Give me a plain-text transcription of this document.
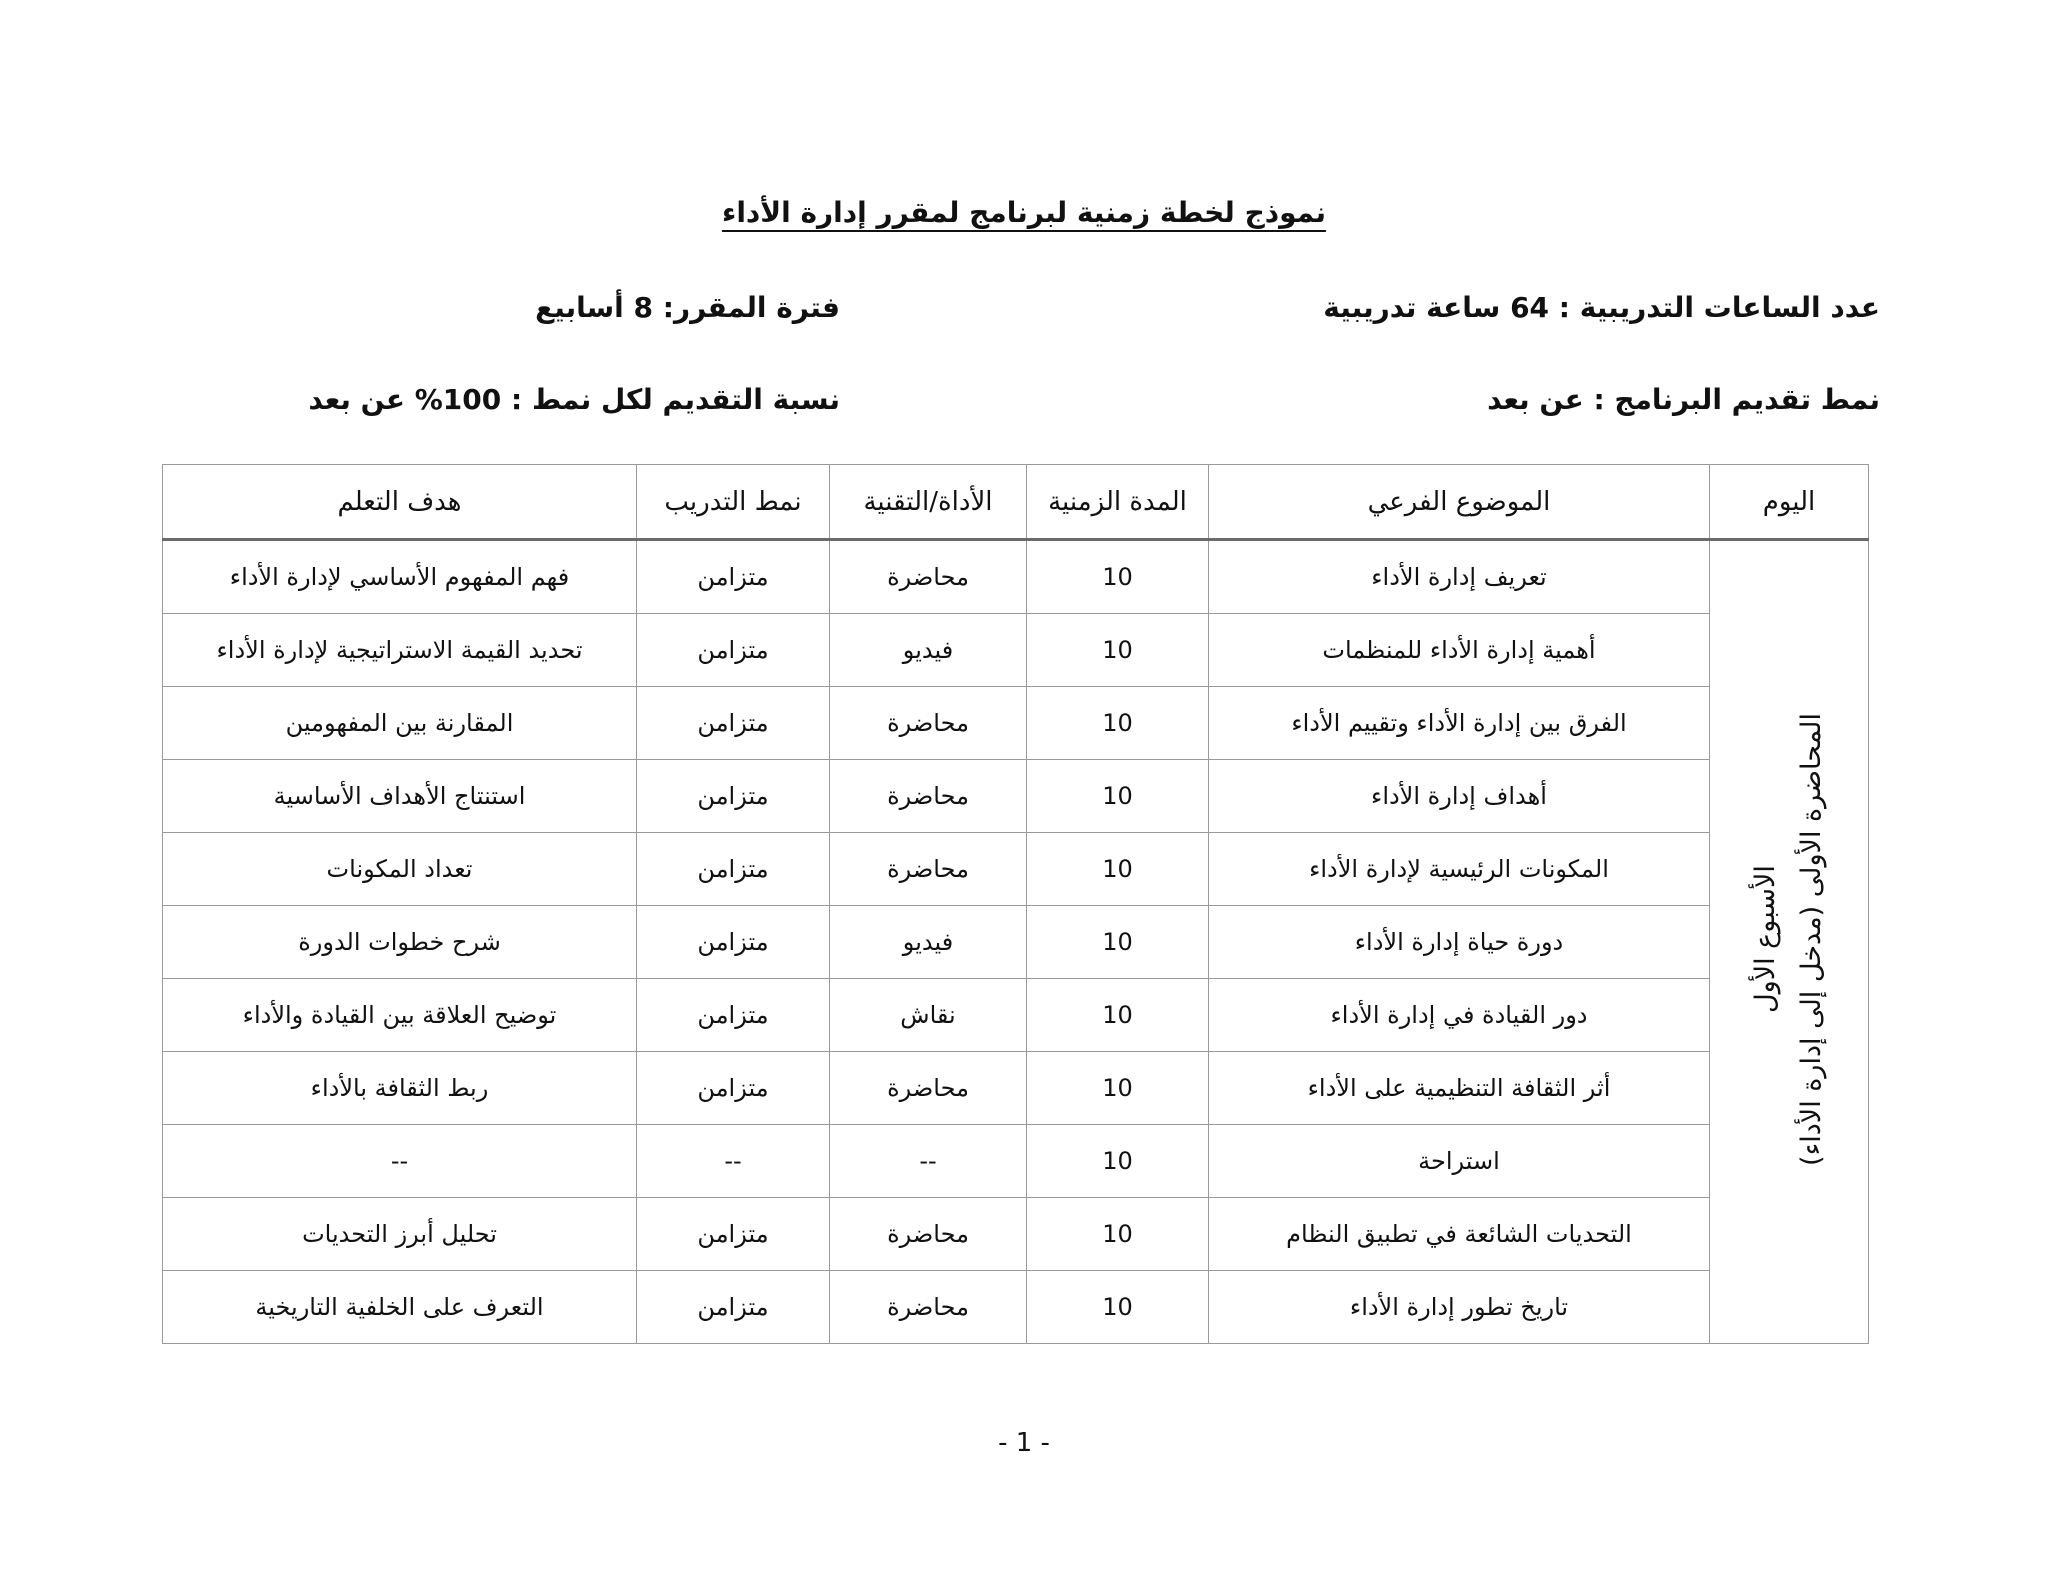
نموذج لخطة زمنية لبرنامج لمقرر إدارة الأداء
عدد الساعات التدريبية : 64 ساعة تدريبية
فترة المقرر: 8 أسابيع
نمط تقديم البرنامج : عن بعد
نسبة التقديم لكل نمط : 100% عن بعد
اليوم	الموضوع الفرعي	المدة الزمنية	الأداة/التقنية	نمط التدريب	هدف التعلم

الأسبوع الأول المحاضرة الأولى (مدخل إلى إدارة الأداء)	تعريف إدارة الأداء	10	محاضرة	متزامن	فهم المفهوم الأساسي لإدارة الأداء
	أهمية إدارة الأداء للمنظمات	10	فيديو	متزامن	تحديد القيمة الاستراتيجية لإدارة الأداء
	الفرق بين إدارة الأداء وتقييم الأداء	10	محاضرة	متزامن	المقارنة بين المفهومين
	أهداف إدارة الأداء	10	محاضرة	متزامن	استنتاج الأهداف الأساسية
	المكونات الرئيسية لإدارة الأداء	10	محاضرة	متزامن	تعداد المكونات
	دورة حياة إدارة الأداء	10	فيديو	متزامن	شرح خطوات الدورة
	دور القيادة في إدارة الأداء	10	نقاش	متزامن	توضيح العلاقة بين القيادة والأداء
	أثر الثقافة التنظيمية على الأداء	10	محاضرة	متزامن	ربط الثقافة بالأداء
	استراحة	10	--	--	--
	التحديات الشائعة في تطبيق النظام	10	محاضرة	متزامن	تحليل أبرز التحديات
	تاريخ تطور إدارة الأداء	10	محاضرة	متزامن	التعرف على الخلفية التاريخية
- 1 -
